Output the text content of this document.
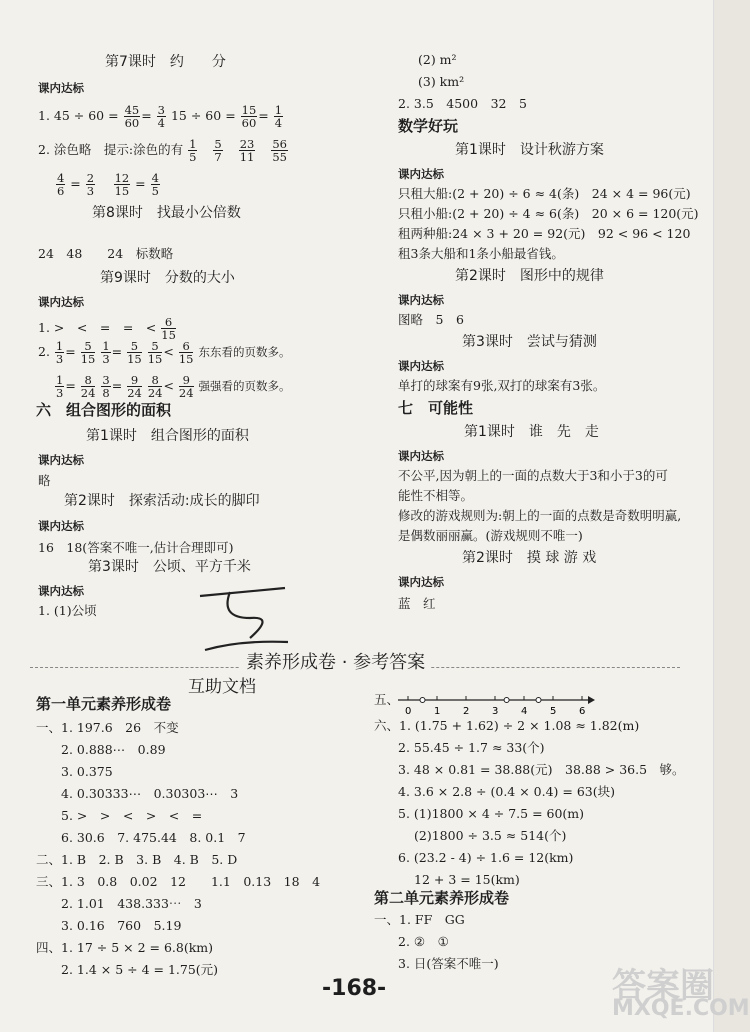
第7课时　约　　分
课内达标
1. $45 \div 60 = \frac{45}{60} = \frac{3}{4} 15 \div 60 = \frac{15}{60} = \frac{1}{4}$
2. 涂色略　提示:涂色的有 $\frac{1}{5}$
$\frac{5}{7}$
$\frac{23}{11}$
$\frac{56}{55}$
$\frac{4}{6} = \frac{2}{3}$
　 $\frac{12}{15} = \frac{4}{5}$
第8课时　找最小公倍数
24　48　　24　标数略
第9课时　分数的大小
课内达标
1. >　<　=　=　< $\frac{6}{15}$
2. $\frac{1}{3} = \frac{5}{15}$
$\frac{1}{3} = \frac{5}{15}$
$\frac{5}{15} < \frac{6}{15}$ 东东看的页数多。
$\frac{1}{3} = \frac{8}{24}$
$\frac{3}{8} = \frac{9}{24}$
$\frac{8}{24} < \frac{9}{24}$ 强强看的页数多。
六　组合图形的面积
第1课时　组合图形的面积
课内达标
略
第2课时　探索活动:成长的脚印
课内达标
16　18(答案不唯一,估计合理即可)
第3课时　公顷、平方千米
课内达标
1. (1)公顷
(2) m²
(3) km²
2. 3.5　4500　32　5
数学好玩
第1课时　设计秋游方案
课内达标
只租大船:(2 + 20) ÷ 6 ≈ 4(条)　24 × 4 = 96(元)
只租小船:(2 + 20) ÷ 4 ≈ 6(条)　20 × 6 = 120(元)
租两种船:24 × 3 + 20 = 92(元)　92 < 96 < 120
租3条大船和1条小船最省钱。
第2课时　图形中的规律
课内达标
图略　5　6
第3课时　尝试与猜测
课内达标
单打的球案有9张,双打的球案有3张。
七　可能性
第1课时　谁　先　走
课内达标
不公平,因为朝上的一面的点数大于3和小于3的可
能性不相等。
修改的游戏规则为:朝上的一面的点数是奇数明明赢,
是偶数丽丽赢。(游戏规则不唯一)
第2课时　摸 球 游 戏
课内达标
蓝　红
素养形成卷 · 参考答案
互助文档
第一单元素养形成卷
一、1. 197.6　26　不变
2. 0.888⋯　0.89
3. 0.375
4. 0.30333⋯　0.30303⋯　3
5. >　>　<　>　<　=
6. 30.6　7. 475.44　8. 0.1　7
二、1. B　2. B　3. B　4. B　5. D
三、1. 3　0.8　0.02　12　　1.1　0.13　18　4
2. 1.01　438.333⋯　3
3. 0.16　760　5.19
四、1. 17 ÷ 5 × 2 = 6.8(km)
2. 1.4 × 5 ÷ 4 = 1.75(元)
五、
0 1 2 3 4 5 6
六、1. (1.75 + 1.62) ÷ 2 × 1.08 ≈ 1.82(m)
2. 55.45 ÷ 1.7 ≈ 33(个)
3. 48 × 0.81 = 38.88(元)　38.88 > 36.5　够。
4. 3.6 × 2.8 ÷ (0.4 × 0.4) = 63(块)
5. (1)1800 × 4 ÷ 7.5 = 60(m)
(2)1800 ÷ 3.5 ≈ 514(个)
6. (23.2 - 4) ÷ 1.6 = 12(km)
12 + 3 = 15(km)
第二单元素养形成卷
一、1. FF　GG
2. ②　①
3. 日(答案不唯一)
-168-	答案圈
MXQE.COM
